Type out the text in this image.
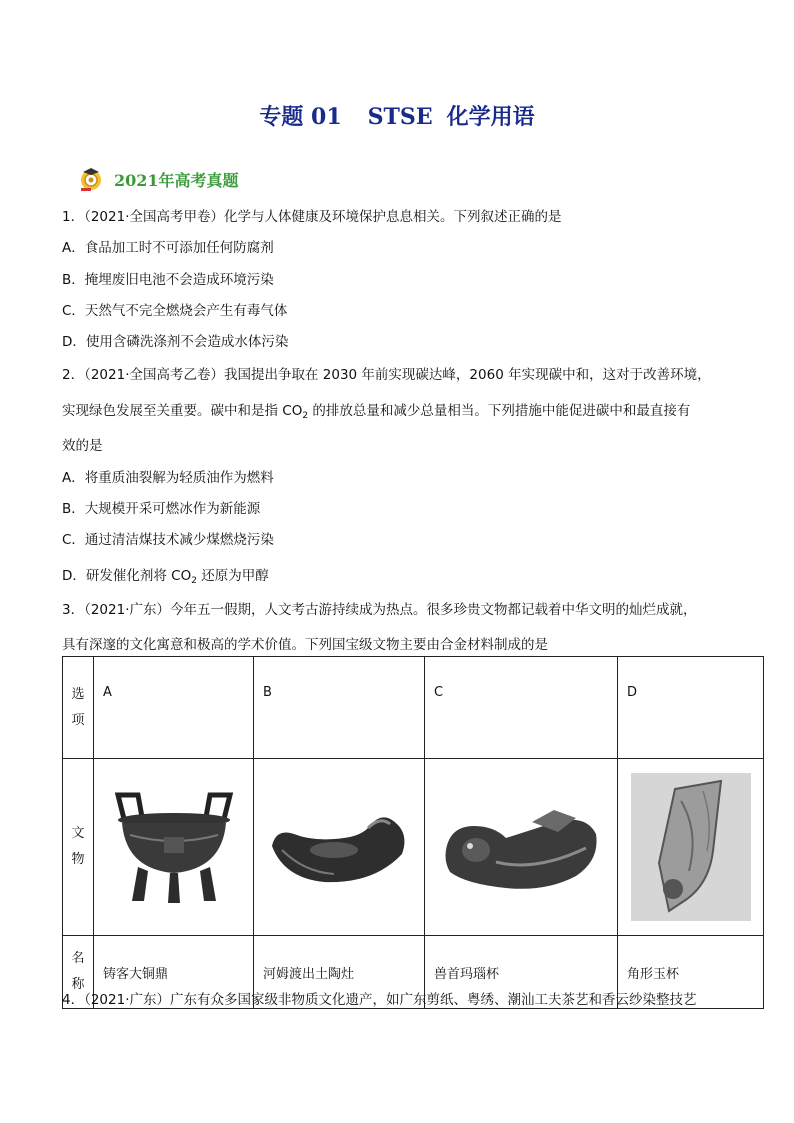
专题 01 STSE 化学用语
2021年高考真题
1．（2021·全国高考甲卷）化学与人体健康及环境保护息息相关。下列叙述正确的是
A．食品加工时不可添加任何防腐剂
B．掩埋废旧电池不会造成环境污染
C．天然气不完全燃烧会产生有毒气体
D．使用含磷洗涤剂不会造成水体污染
2．（2021·全国高考乙卷）我国提出争取在 2030 年前实现碳达峰，2060 年实现碳中和，这对于改善环境，
实现绿色发展至关重要。碳中和是指 $CO_2$ 的排放总量和减少总量相当。下列措施中能促进碳中和最直接有
效的是
A．将重质油裂解为轻质油作为燃料
B．大规模开采可燃冰作为新能源
C．通过清洁煤技术减少煤燃烧污染
D．研发催化剂将 $CO_2$ 还原为甲醇
3．（2021·广东）今年五一假期，人文考古游持续成为热点。很多珍贵文物都记载着中华文明的灿烂成就，
具有深邃的文化寓意和极高的学术价值。下列国宝级文物主要由合金材料制成的是
选
项	A	B	C	D

文
物

名
称	铸客大铜鼎	河姆渡出土陶灶	兽首玛瑙杯	角形玉杯
4．（2021·广东）广东有众多国家级非物质文化遗产，如广东剪纸、粤绣、潮汕工夫茶艺和香云纱染整技艺
